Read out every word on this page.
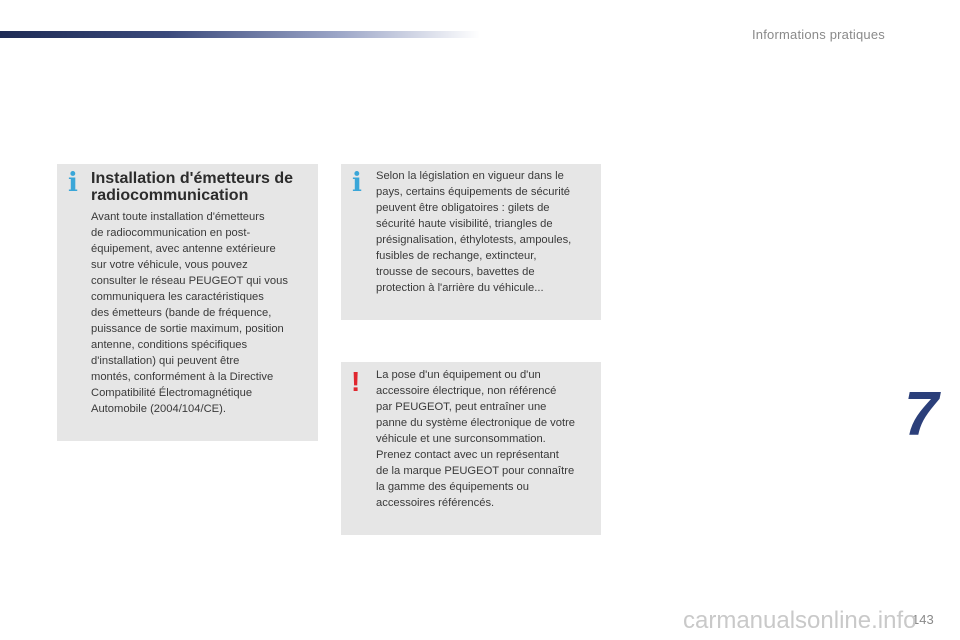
Informations pratiques
i Installation d'émetteurs de radiocommunication
Avant toute installation d'émetteurs
de radiocommunication en post-
équipement, avec antenne extérieure
sur votre véhicule, vous pouvez
consulter le réseau PEUGEOT qui vous
communiquera les caractéristiques
des émetteurs (bande de fréquence,
puissance de sortie maximum, position
antenne, conditions spécifiques
d'installation) qui peuvent être
montés, conformément à la Directive
Compatibilité Électromagnétique
Automobile (2004/104/CE).
i Selon la législation en vigueur dans le
pays, certains équipements de sécurité
peuvent être obligatoires : gilets de
sécurité haute visibilité, triangles de
présignalisation, éthylotests, ampoules,
fusibles de rechange, extincteur,
trousse de secours, bavettes de
protection à l'arrière du véhicule...
! La pose d'un équipement ou d'un
accessoire électrique, non référencé
par PEUGEOT, peut entraîner une
panne du système électronique de votre
véhicule et une surconsommation.
Prenez contact avec un représentant
de la marque PEUGEOT pour connaître
la gamme des équipements ou
accessoires référencés.
7
143
carmanualsonline.info
